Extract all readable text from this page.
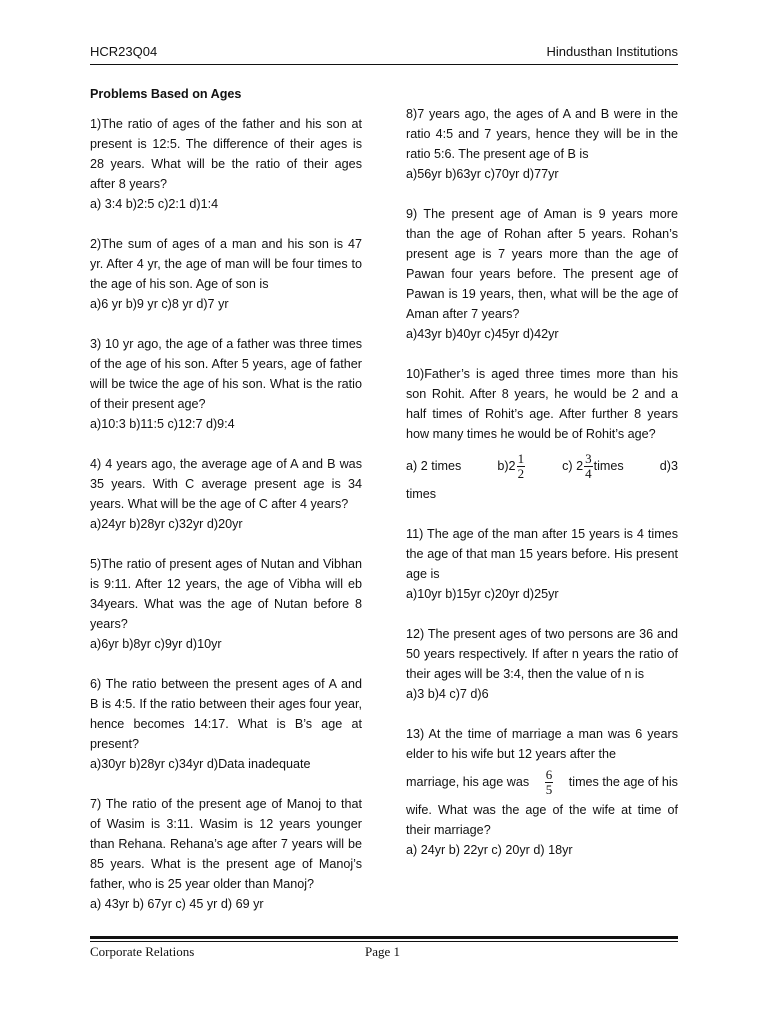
HCR23Q04	Hindusthan Institutions
Problems Based on Ages

1)The ratio of ages of the father and his son at present is 12:5. The difference of their ages is 28 years. What will be the ratio of their ages after 8 years?

a) 3:4 b)2:5 c)2:1 d)1:4

2)The sum of ages of a man and his son is 47 yr. After 4 yr, the age of man will be four times to the age of his son. Age of son is

a)6 yr b)9 yr c)8 yr d)7 yr

3) 10 yr ago, the age of a father was three times of the age of his son. After 5 years, age of father will be twice the age of his son. What is the ratio of their present age?

a)10:3 b)11:5 c)12:7 d)9:4

4) 4 years ago, the average age of A and B was 35 years. With C average present age is 34 years. What will be the age of C after 4 years?

a)24yr b)28yr c)32yr d)20yr

5)The ratio of present ages of Nutan and Vibhan is 9:11. After 12 years, the age of Vibha will eb 34years. What was the age of Nutan before 8 years?

a)6yr b)8yr c)9yr d)10yr

6) The ratio between the present ages of A and B is 4:5. If the ratio between their ages four year, hence becomes 14:17. What is B’s age at present?

a)30yr b)28yr c)34yr d)Data inadequate

7) The ratio of the present age of Manoj to that of Wasim is 3:11. Wasim is 12 years younger than Rehana. Rehana’s age after 7 years will be 85 years. What is the present age of Manoj’s father, who is 25 year older than Manoj?

a) 43yr b) 67yr c) 45 yr d) 69 yr

8)7 years ago, the ages of A and B were in the ratio 4:5 and 7 years, hence they will be in the ratio 5:6. The present age of B is

a)56yr b)63yr c)70yr d)77yr

9) The present age of Aman is 9 years more than the age of Rohan after 5 years. Rohan’s present age is 7 years more than the age of Pawan four years before. The present age of Pawan is 19 years, then, what will be the age of Aman after 7 years?

a)43yr b)40yr c)45yr d)42yr

10)Father’s is aged three times more than his son Rohit. After 8 years, he would be 2 and a half times of Rohit’s age. After further 8 years how many times he would be of Rohit’s age?

a) 2 times	$b)2 \frac{1}{2}$	c) $2 \frac{3}{4}$ times	d)3

times

11) The age of the man after 15 years is 4 times the age of that man 15 years before. His present age is

a)10yr b)15yr c)20yr d)25yr

12) The present ages of two persons are 36 and 50 years respectively. If after n years the ratio of their ages will be 3:4, then the value of n is

a)3 b)4 c)7 d)6

13) At the time of marriage a man was 6 years elder to his wife but 12 years after the

marriage, his age was $\frac{6}{5}$ times the age of his

wife. What was the age of the wife at time of their marriage?

a) 24yr b) 22yr c) 20yr d) 18yr

Corporate Relations	Page 1
